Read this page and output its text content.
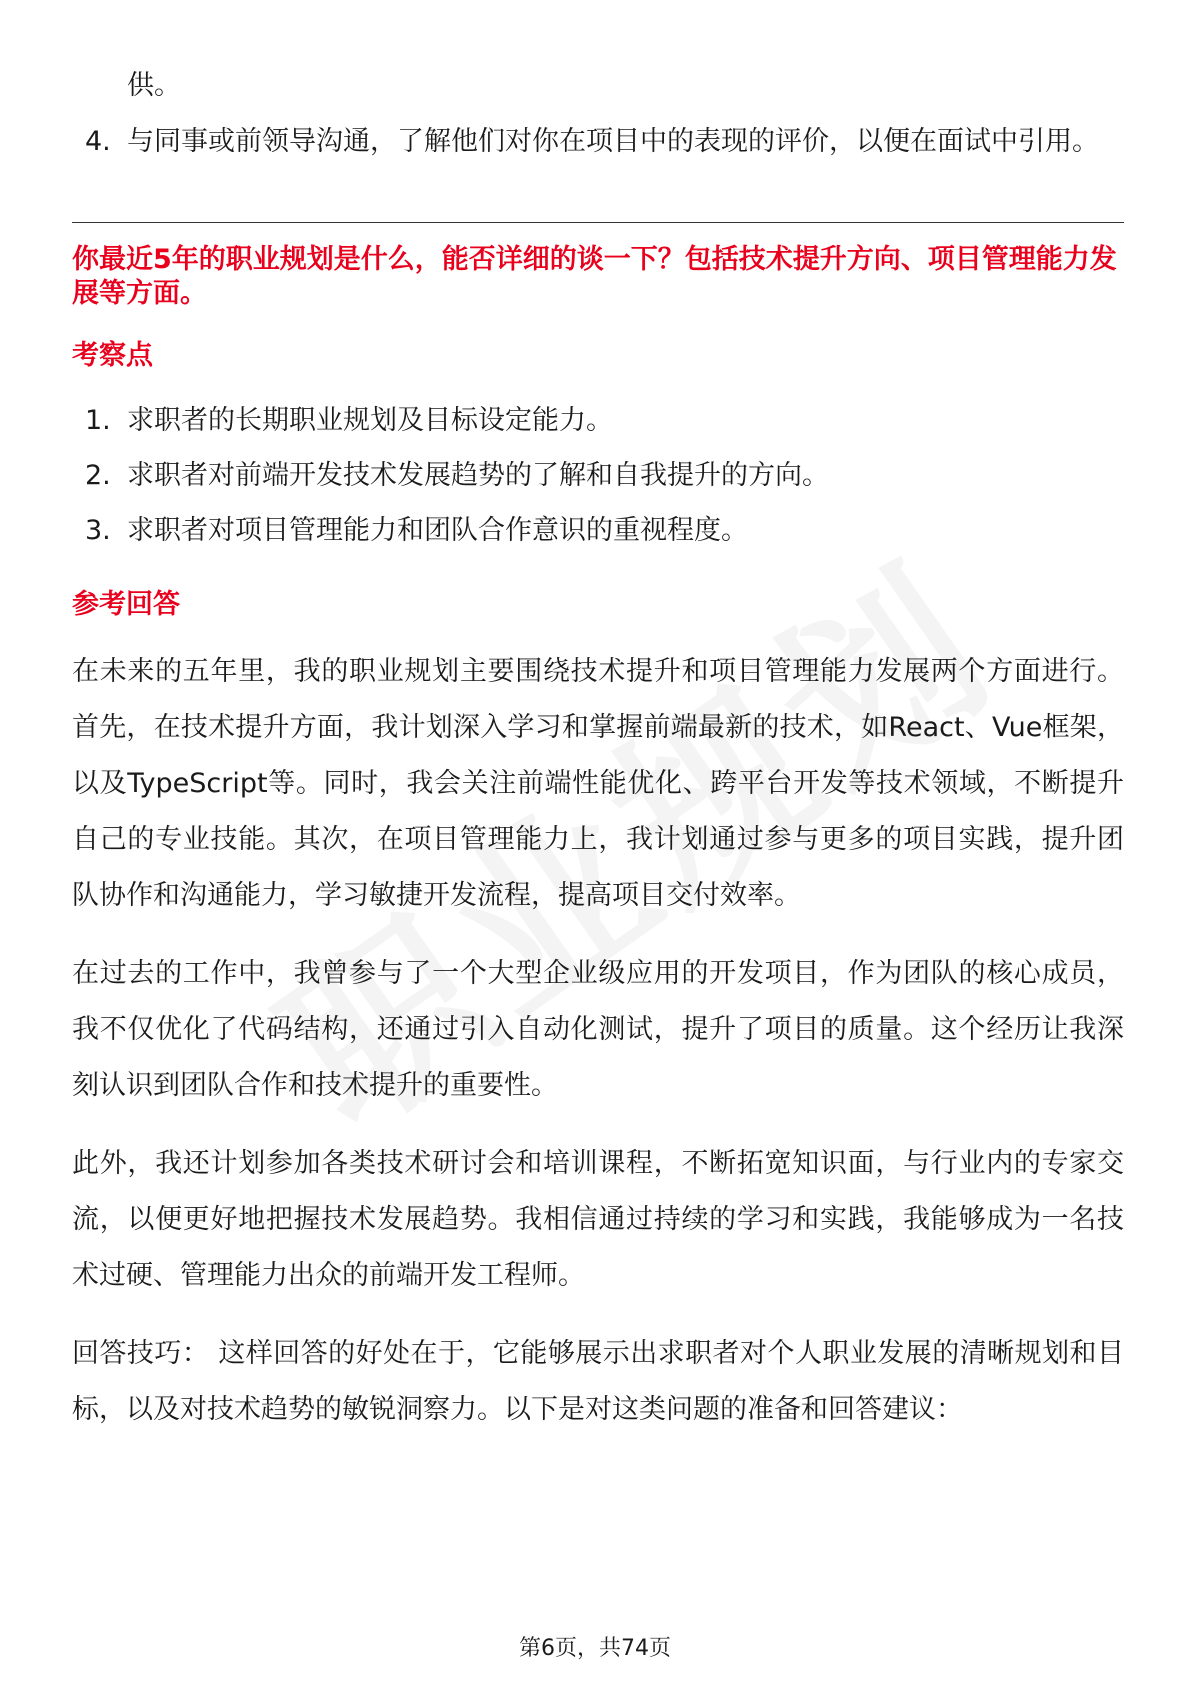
供。
4. 与同事或前领导沟通，了解他们对你在项目中的表现的评价，以便在面试中引用。
你最近5年的职业规划是什么，能否详细的谈一下？包括技术提升方向、项目管理能力发展等方面。
考察点
1. 求职者的长期职业规划及目标设定能力。
2. 求职者对前端开发技术发展趋势的了解和自我提升的方向。
3. 求职者对项目管理能力和团队合作意识的重视程度。
参考回答
在未来的五年里，我的职业规划主要围绕技术提升和项目管理能力发展两个方面进行。首先，在技术提升方面，我计划深入学习和掌握前端最新的技术，如React、Vue框架，以及TypeScript等。同时，我会关注前端性能优化、跨平台开发等技术领域，不断提升自己的专业技能。其次，在项目管理能力上，我计划通过参与更多的项目实践，提升团队协作和沟通能力，学习敏捷开发流程，提高项目交付效率。
在过去的工作中，我曾参与了一个大型企业级应用的开发项目，作为团队的核心成员，我不仅优化了代码结构，还通过引入自动化测试，提升了项目的质量。这个经历让我深刻认识到团队合作和技术提升的重要性。
此外，我还计划参加各类技术研讨会和培训课程，不断拓宽知识面，与行业内的专家交流，以便更好地把握技术发展趋势。我相信通过持续的学习和实践，我能够成为一名技术过硬、管理能力出众的前端开发工程师。
回答技巧： 这样回答的好处在于，它能够展示出求职者对个人职业发展的清晰规划和目标，以及对技术趋势的敏锐洞察力。以下是对这类问题的准备和回答建议：
第6页，共74页
